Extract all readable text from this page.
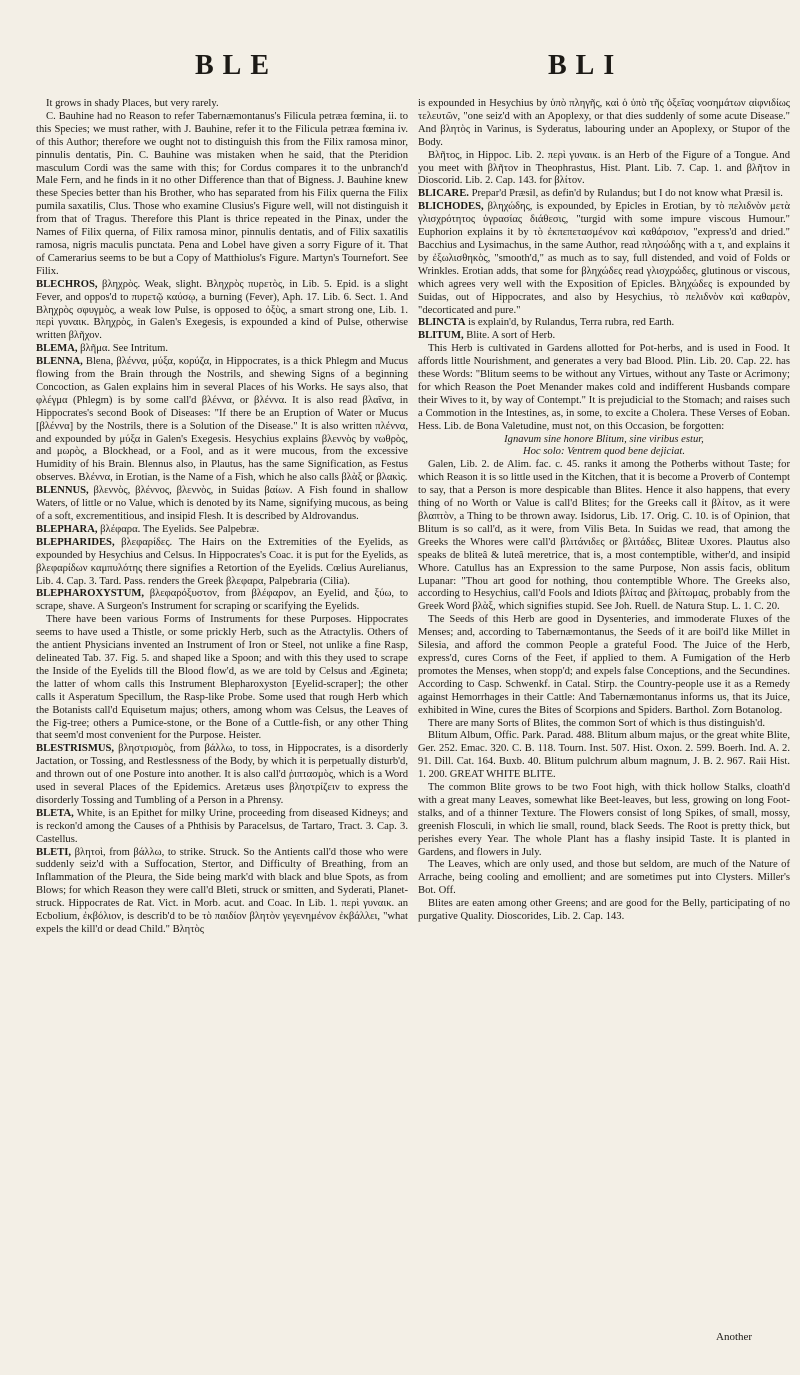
BLE	BLI

It grows in shady Places, but very rarely.

C. Bauhine had no Reason to refer Tabernæmontanus's Filicula petræa fœmina, ii. to this Species; we must rather, with J. Bauhine, refer it to the Filicula petræa fœmina iv. of this Author; therefore we ought not to distinguish this from the Filix ramosa minor, pinnulis dentatis, Pin. C. Bauhine was mistaken when he said, that the Pteridion masculum Cordi was the same with this; for Cordus compares it to the unbranch'd Male Fern, and he finds in it no other Difference than that of Bigness. J. Bauhine knew these Species better than his Brother, who has separated from his Filix querna the Filix pumila saxatilis, Clus. Those who examine Clusius's Figure well, will not distinguish it from that of Tragus. Therefore this Plant is thrice repeated in the Pinax, under the Names of Filix querna, of Filix ramosa minor, pinnulis dentatis, and of Filix saxatilis ramosa, nigris maculis punctata. Pena and Lobel have given a sorry Figure of it. That of Camerarius seems to be but a Copy of Matthiolus's Figure. Martyn's Tournefort. See Filix.

BLECHROS, βληχρὸς. Weak, slight. Βληχρὸς πυρετὸς, in Lib. 5. Epid. is a slight Fever, and oppos'd to πυρετῷ καύσῳ, a burning (Fever), Aph. 17. Lib. 6. Sect. 1. And Βληχρὸς σφυγμὸς, a weak low Pulse, is opposed to ὀξὺς, a smart strong one, Lib. 1. περὶ γυναικ. Βληχρὸς, in Galen's Exegesis, is expounded a kind of Pulse, otherwise written βλῆχον.

BLEMA, βλῆμα. See Intritum.

BLENNA, Blena, βλέννα, μύξα, κορύζα, in Hippocrates, is a thick Phlegm and Mucus flowing from the Brain through the Nostrils, and shewing Signs of a beginning Concoction, as Galen explains him in several Places of his Works. He says also, that φλέγμα (Phlegm) is by some call'd βλέννα, or βλέννα. It is also read βλαῖνα, in Hippocrates's second Book of Diseases: "If there be an Eruption of Water or Mucus [βλέννα] by the Nostrils, there is a Solution of the Disease." It is also written πλέννα, and expounded by μύξα in Galen's Exegesis. Hesychius explains βλεννὸς by νωθρὸς, and μωρὸς, a Blockhead, or a Fool, and as it were mucous, from the excessive Humidity of his Brain. Blennus also, in Plautus, has the same Signification, as Festus observes. Βλέννα, in Erotian, is the Name of a Fish, which he also calls βλὰξ or βλακὶς.

BLENNUS, βλεννὸς, βλέννος, βλεννὸς, in Suidas βαίων. A Fish found in shallow Waters, of little or no Value, which is denoted by its Name, signifying mucous, as being of a soft, excrementitious, and insipid Flesh. It is described by Aldrovandus.

BLEPHARA, βλέφαρα. The Eyelids. See Palpebræ.

BLEPHARIDES, βλεφαρίδες. The Hairs on the Extremities of the Eyelids, as expounded by Hesychius and Celsus. In Hippocrates's Coac. it is put for the Eyelids, as βλεφαρίδων καμπυλότης there signifies a Retortion of the Eyelids. Cœlius Aurelianus, Lib. 4. Cap. 3. Tard. Pass. renders the Greek βλεφαρα, Palpebraria (Cilia).

BLEPHAROXYSTUM, βλεφαρόξυστον, from βλέφαρον, an Eyelid, and ξύω, to scrape, shave. A Surgeon's Instrument for scraping or scarifying the Eyelids.

There have been various Forms of Instruments for these Purposes. Hippocrates seems to have used a Thistle, or some prickly Herb, such as the Atractylis. Others of the antient Physicians invented an Instrument of Iron or Steel, not unlike a fine Rasp, delineated Tab. 37. Fig. 5. and shaped like a Spoon; and with this they used to scrape the Inside of the Eyelids till the Blood flow'd, as we are told by Celsus and Ægineta; the latter of whom calls this Instrument Blepharoxyston [Eyelid-scraper]; the other calls it Asperatum Specillum, the Rasp-like Probe. Some used that rough Herb which the Botanists call'd Equisetum majus; others, among whom was Celsus, the Leaves of the Fig-tree; others a Pumice-stone, or the Bone of a Cuttle-fish, or any other Thing that seem'd most convenient for the Purpose. Heister.

BLESTRISMUS, βληστρισμὸς, from βάλλω, to toss, in Hippocrates, is a disorderly Jactation, or Tossing, and Restlessness of the Body, by which it is perpetually disturb'd, and thrown out of one Posture into another. It is also call'd ῥιπτασμὸς, which is a Word used in several Places of the Epidemics. Aretæus uses βληστρίζειν to express the disorderly Tossing and Tumbling of a Person in a Phrensy.

BLETA, White, is an Epithet for milky Urine, proceeding from diseased Kidneys; and is reckon'd among the Causes of a Phthisis by Paracelsus, de Tartaro, Tract. 3. Cap. 3. Castellus.

BLETI, βλητοὶ, from βάλλω, to strike. Struck. So the Antients call'd those who were suddenly seiz'd with a Suffocation, Stertor, and Difficulty of Breathing, from an Inflammation of the Pleura, the Side being mark'd with black and blue Spots, as from Blows; for which Reason they were call'd Bleti, struck or smitten, and Syderati, Planet-struck. Hippocrates de Rat. Vict. in Morb. acut. and Coac. In Lib. 1. περὶ γυναικ. an Ecbolium, ἐκβόλιον, is describ'd to be τὸ παιδίον βλητὸν γεγενημένον ἐκβάλλει, "what expels the kill'd or dead Child." Βλητὸς

is expounded in Hesychius by ὑπὸ πληγῆς, καὶ ὁ ὑπὸ τῆς ὀξεῖας νοσημάτων αἰφνιδίως τελευτῶν, "one seiz'd with an Apoplexy, or that dies suddenly of some acute Disease." And βλητὸς in Varinus, is Syderatus, labouring under an Apoplexy, or Stupor of the Body.

Βλῆτος, in Hippoc. Lib. 2. περὶ γυναικ. is an Herb of the Figure of a Tongue. And you meet with βλῆτον in Theophrastus, Hist. Plant. Lib. 7. Cap. 1. and βλῆτον in Dioscorid. Lib. 2. Cap. 143. for βλίτον.

BLICARE. Prepar'd Præsil, as defin'd by Rulandus; but I do not know what Præsil is.

BLICHODES, βληχώδης, is expounded, by Epicles in Erotian, by τὸ πελιδνὸν μετὰ γλισχρότητος ὑγρασίας διάθεσις, "turgid with some impure viscous Humour." Euphorion explains it by τὸ ἐκπεπετασμένον καὶ καθάρσιον, "express'd and dried." Bacchius and Lysimachus, in the same Author, read πλησώδης with a τ, and explains it by ἐξωλισθηκὸς, "smooth'd," as much as to say, full distended, and void of Folds or Wrinkles. Erotian adds, that some for βληχώδες read γλισχρώδες, glutinous or viscous, which agrees very well with the Exposition of Epicles. Βληχώδες is expounded by Suidas, out of Hippocrates, and also by Hesychius, τὸ πελιδνὸν καὶ καθαρὸν, "decorticated and pure."

BLINCTA is explain'd, by Rulandus, Terra rubra, red Earth.

BLITUM, Blite. A sort of Herb.

This Herb is cultivated in Gardens allotted for Pot-herbs, and is used in Food. It affords little Nourishment, and generates a very bad Blood. Plin. Lib. 20. Cap. 22. has these Words: "Blitum seems to be without any Virtues, without any Taste or Acrimony; for which Reason the Poet Menander makes cold and indifferent Husbands compare their Wives to it, by way of Contempt." It is prejudicial to the Stomach; and raises such a Commotion in the Intestines, as, in some, to excite a Cholera. These Verses of Eoban. Hess. Lib. de Bona Valetudine, must not, on this Occasion, be forgotten:

Ignavum sine honore Blitum, sine viribus estur,

Hoc solo: Ventrem quod bene dejiciat.

Galen, Lib. 2. de Alim. fac. c. 45. ranks it among the Potherbs without Taste; for which Reason it is so little used in the Kitchen, that it is become a Proverb of Contempt to say, that a Person is more despicable than Blites. Hence it also happens, that every thing of no Worth or Value is call'd Blites; for the Greeks call it βλίτον, as it were βλαπτὸν, a Thing to be thrown away. Isidorus, Lib. 17. Orig. C. 10. is of Opinion, that Blitum is so call'd, as it were, from Vilis Beta. In Suidas we read, that among the Greeks the Whores were call'd βλιτάνιδες or βλιτάδες, Bliteæ Uxores. Plautus also speaks de bliteâ & luteâ meretrice, that is, a most contemptible, wither'd, and insipid Whore. Catullus has an Expression to the same Purpose, Non assis facis, oblitum Lupanar: "Thou art good for nothing, thou contemptible Whore. The Greeks also, according to Hesychius, call'd Fools and Idiots βλίτας and βλίτωμας, probably from the Greek Word βλὰξ, which signifies stupid. See Joh. Ruell. de Natura Stup. L. 1. C. 20.

The Seeds of this Herb are good in Dysenteries, and immoderate Fluxes of the Menses; and, according to Tabernæmontanus, the Seeds of it are boil'd like Millet in Silesia, and afford the common People a grateful Food. The Juice of the Herb, express'd, cures Corns of the Feet, if applied to them. A Fumigation of the Herb promotes the Menses, when stopp'd; and expels false Conceptions, and the Secundines. According to Casp. Schwenkf. in Catal. Stirp. the Country-people use it as a Remedy against Hemorrhages in their Cattle: And Tabernæmontanus informs us, that its Juice, exhibited in Wine, cures the Bites of Scorpions and Spiders. Barthol. Zorn Botanolog.

There are many Sorts of Blites, the common Sort of which is thus distinguish'd.

Blitum Album, Offic. Park. Parad. 488. Blitum album majus, or the great white Blite, Ger. 252. Emac. 320. C. B. 118. Tourn. Inst. 507. Hist. Oxon. 2. 599. Boerh. Ind. A. 2. 91. Dill. Cat. 164. Buxb. 40. Blitum pulchrum album magnum, J. B. 2. 967. Raii Hist. 1. 200. GREAT WHITE BLITE.

The common Blite grows to be two Foot high, with thick hollow Stalks, cloath'd with a great many Leaves, somewhat like Beet-leaves, but less, growing on long Foot-stalks, and of a thinner Texture. The Flowers consist of long Spikes, of small, mossy, greenish Flosculi, in which lie small, round, black Seeds. The Root is pretty thick, but perishes every Year. The whole Plant has a flashy insipid Taste. It is planted in Gardens, and flowers in July.

The Leaves, which are only used, and those but seldom, are much of the Nature of Arrache, being cooling and emollient; and are sometimes put into Clysters. Miller's Bot. Off.

Blites are eaten among other Greens; and are good for the Belly, participating of no purgative Quality. Dioscorides, Lib. 2. Cap. 143.

Another
